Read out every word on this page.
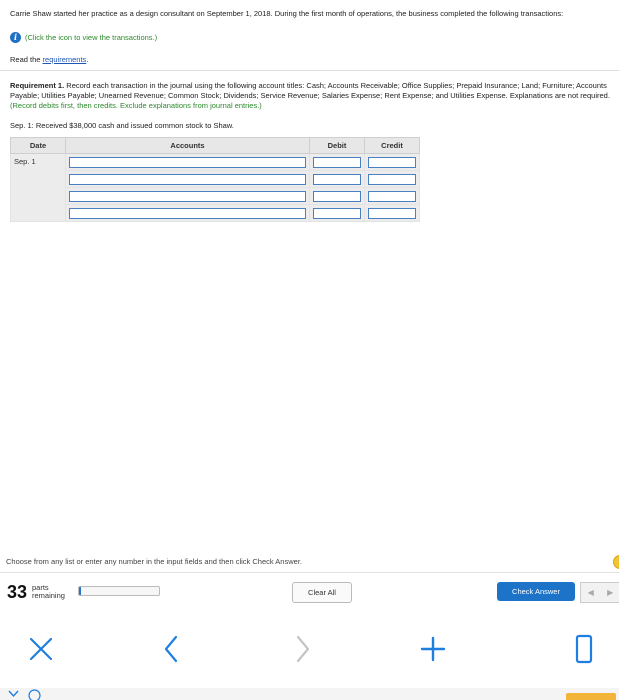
Carrie Shaw started her practice as a design consultant on September 1, 2018. During the first month of operations, the business completed the following transactions:
i	(Click the icon to view the transactions.)
Read the requirements.
Requirement 1. Record each transaction in the journal using the following account titles: Cash; Accounts Receivable; Office Supplies; Prepaid Insurance; Land; Furniture; Accounts Payable; Utilities Payable; Unearned Revenue; Common Stock; Dividends; Service Revenue; Salaries Expense; Rent Expense; and Utilities Expense. Explanations are not required. (Record debits first, then credits. Exclude explanations from journal entries.)
Sep. 1: Received $38,000 cash and issued common stock to Shaw.
Date	Accounts	Debit	Credit
Sep. 1	

Choose from any list or enter any number in the input fields and then click Check Answer.
33 parts
remaining	Clear All	Check Answer	◀	▶
